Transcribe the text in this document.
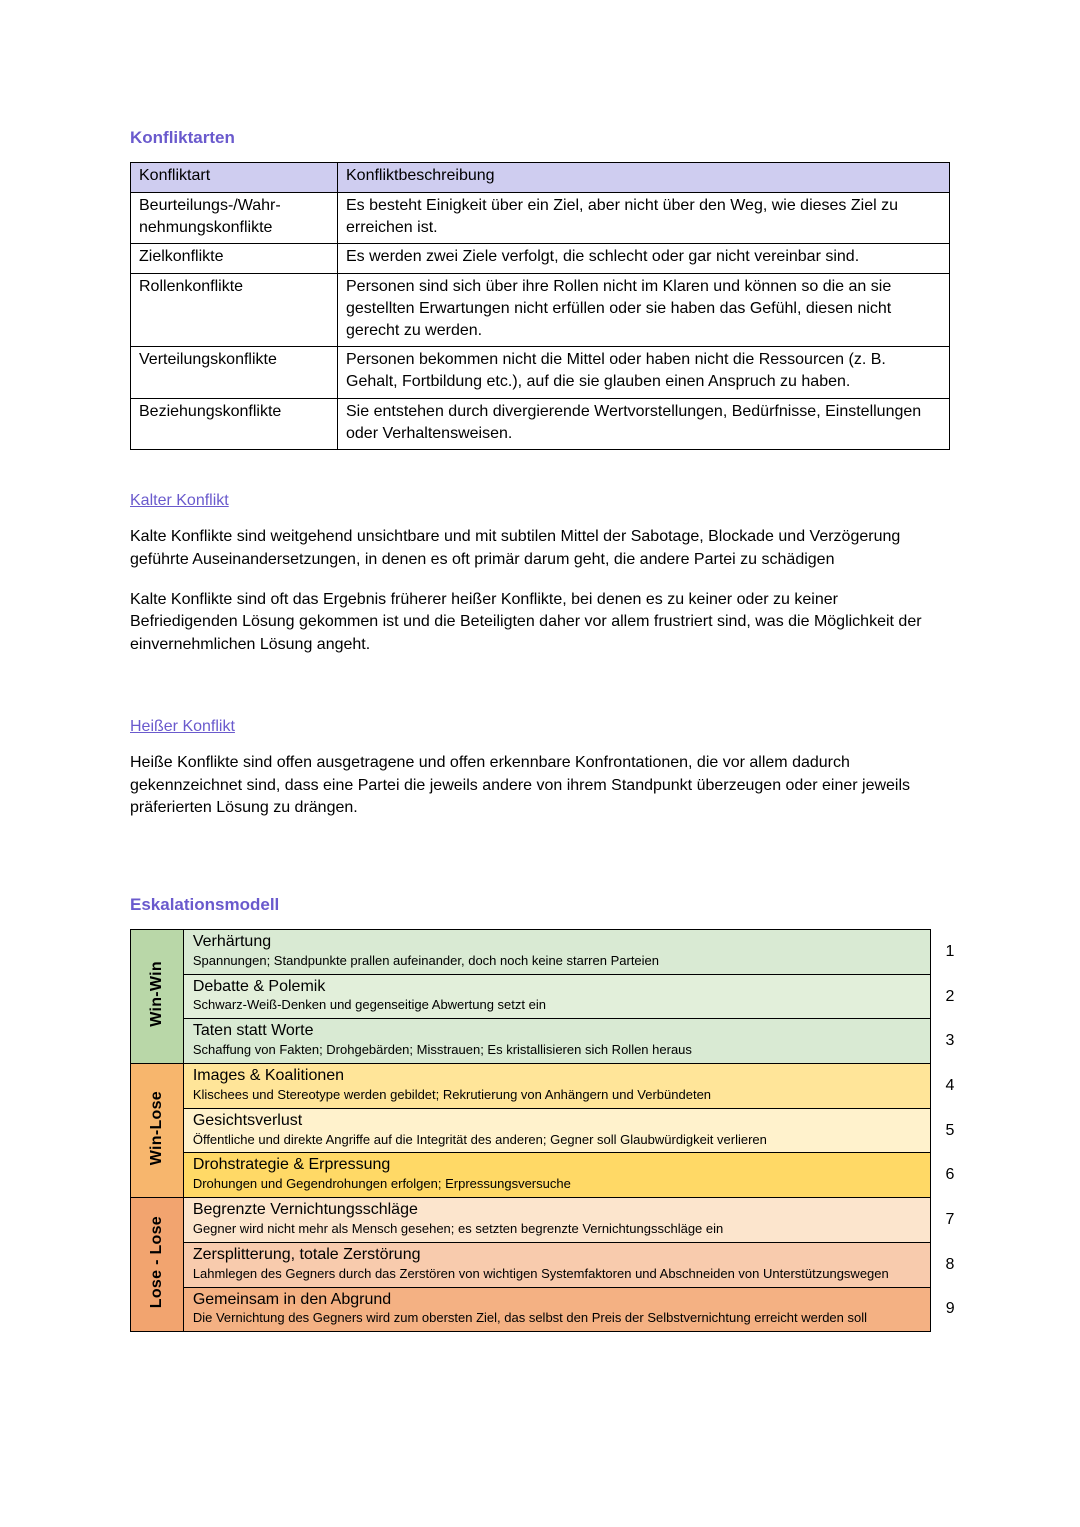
Konfliktarten
Konfliktart	Konfliktbeschreibung
Beurteilungs-/Wahr-nehmungskonflikte	Es besteht Einigkeit über ein Ziel, aber nicht über den Weg, wie dieses Ziel zu erreichen ist.
Zielkonflikte	Es werden zwei Ziele verfolgt, die schlecht oder gar nicht vereinbar sind.
Rollenkonflikte	Personen sind sich über ihre Rollen nicht im Klaren und können so die an sie gestellten Erwartungen nicht erfüllen oder sie haben das Gefühl, diesen nicht gerecht zu werden.
Verteilungskonflikte	Personen bekommen nicht die Mittel oder haben nicht die Ressourcen (z. B. Gehalt, Fortbildung etc.), auf die sie glauben einen Anspruch zu haben.
Beziehungskonflikte	Sie entstehen durch divergierende Wertvorstellungen, Bedürfnisse, Einstellungen oder Verhaltensweisen.
Kalter Konflikt

Kalte Konflikte sind weitgehend unsichtbare und mit subtilen Mittel der Sabotage, Blockade und Verzögerung geführte Auseinandersetzungen, in denen es oft primär darum geht, die andere Partei zu schädigen

Kalte Konflikte sind oft das Ergebnis früherer heißer Konflikte, bei denen es zu keiner oder zu keiner Befriedigenden Lösung gekommen ist und die Beteiligten daher vor allem frustriert sind, was die Möglichkeit der einvernehmlichen Lösung angeht.

Heißer Konflikt

Heiße Konflikte sind offen ausgetragene und offen erkennbare Konfrontationen, die vor allem dadurch gekennzeichnet sind, dass eine Partei die jeweils andere von ihrem Standpunkt überzeugen oder einer jeweils präferierten Lösung zu drängen.

Eskalationsmodell
Win-Win	Verhärtung
Spannungen; Standpunkte prallen aufeinander, doch noch keine starren Parteien	1

	Debatte & Polemik
Schwarz-Weiß-Denken und gegenseitige Abwertung setzt ein	2

	Taten statt Worte
Schaffung von Fakten; Drohgebärden; Misstrauen; Es kristallisieren sich Rollen heraus	3
Win-Lose	Images & Koalitionen
Klischees und Stereotype werden gebildet; Rekrutierung von Anhängern und Verbündeten	4

	Gesichtsverlust
Öffentliche und direkte Angriffe auf die Integrität des anderen; Gegner soll Glaubwürdigkeit verlieren	5

	Drohstrategie & Erpressung
Drohungen und Gegendrohungen erfolgen; Erpressungsversuche	6
Lose - Lose	Begrenzte Vernichtungsschläge
Gegner wird nicht mehr als Mensch gesehen; es setzten begrenzte Vernichtungsschläge ein	7

	Zersplitterung, totale Zerstörung
Lahmlegen des Gegners durch das Zerstören von wichtigen Systemfaktoren und Abschneiden von Unterstützungswegen	8

	Gemeinsam in den Abgrund
Die Vernichtung des Gegners wird zum obersten Ziel, das selbst den Preis der Selbstvernichtung erreicht werden soll	9
